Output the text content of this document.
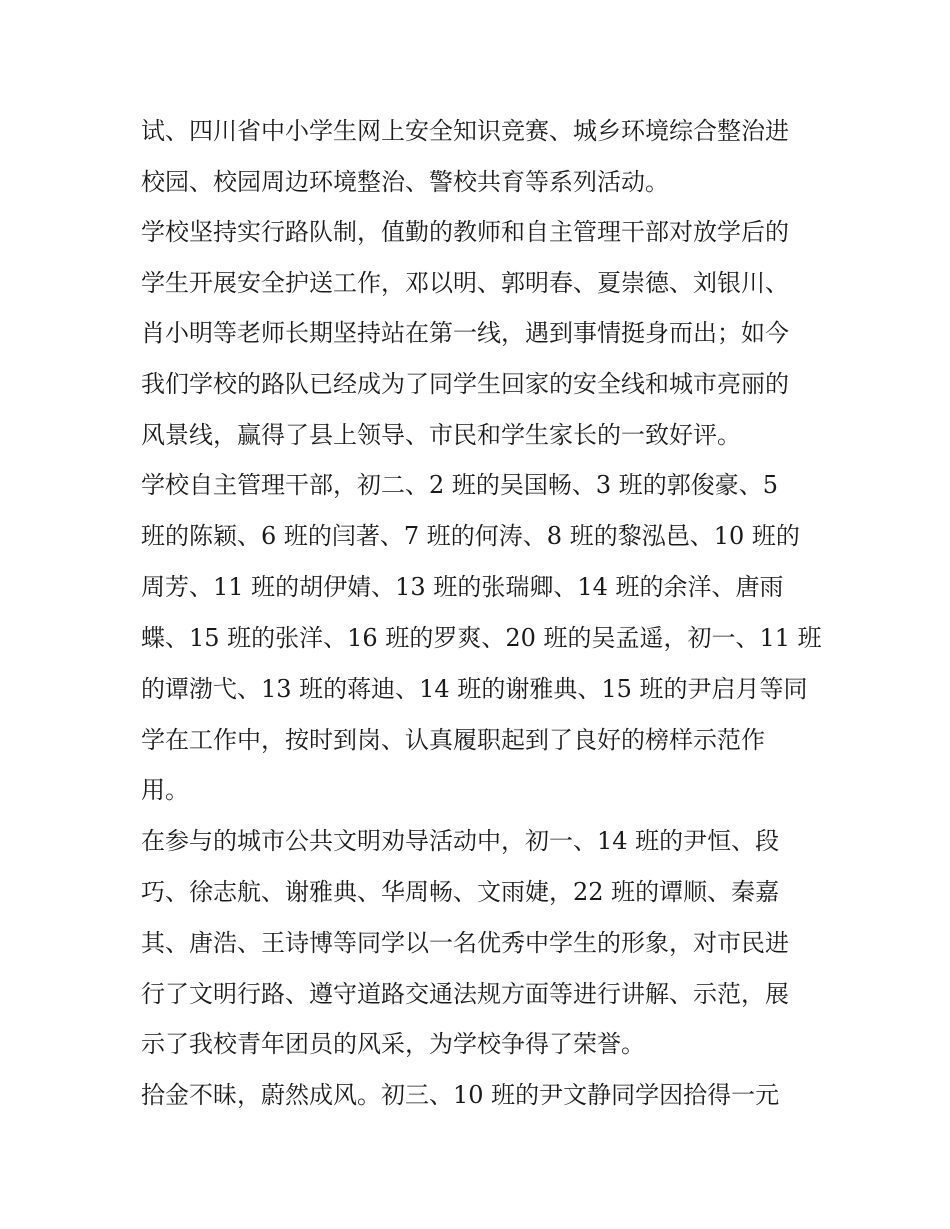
试、四川省中小学生网上安全知识竞赛、城乡环境综合整治进
校园、校园周边环境整治、警校共育等系列活动。
学校坚持实行路队制，值勤的教师和自主管理干部对放学后的
学生开展安全护送工作，邓以明、郭明春、夏崇德、刘银川、
肖小明等老师长期坚持站在第一线，遇到事情挺身而出；如今
我们学校的路队已经成为了同学生回家的安全线和城市亮丽的
风景线，赢得了县上领导、市民和学生家长的一致好评。
学校自主管理干部，初二、2 班的吴国畅、3 班的郭俊豪、5
班的陈颖、6 班的闫著、7 班的何涛、8 班的黎泓邑、10 班的
周芳、11 班的胡伊婧、13 班的张瑞卿、14 班的余洋、唐雨
蝶、15 班的张洋、16 班的罗爽、20 班的吴孟遥，初一、11 班
的谭渤弋、13 班的蒋迪、14 班的谢雅典、15 班的尹启月等同
学在工作中，按时到岗、认真履职起到了良好的榜样示范作
用。
在参与的城市公共文明劝导活动中，初一、14 班的尹恒、段
巧、徐志航、谢雅典、华周畅、文雨婕，22 班的谭顺、秦嘉
其、唐浩、王诗博等同学以一名优秀中学生的形象，对市民进
行了文明行路、遵守道路交通法规方面等进行讲解、示范，展
示了我校青年团员的风采，为学校争得了荣誉。
拾金不昧，蔚然成风。初三、10 班的尹文静同学因拾得一元
